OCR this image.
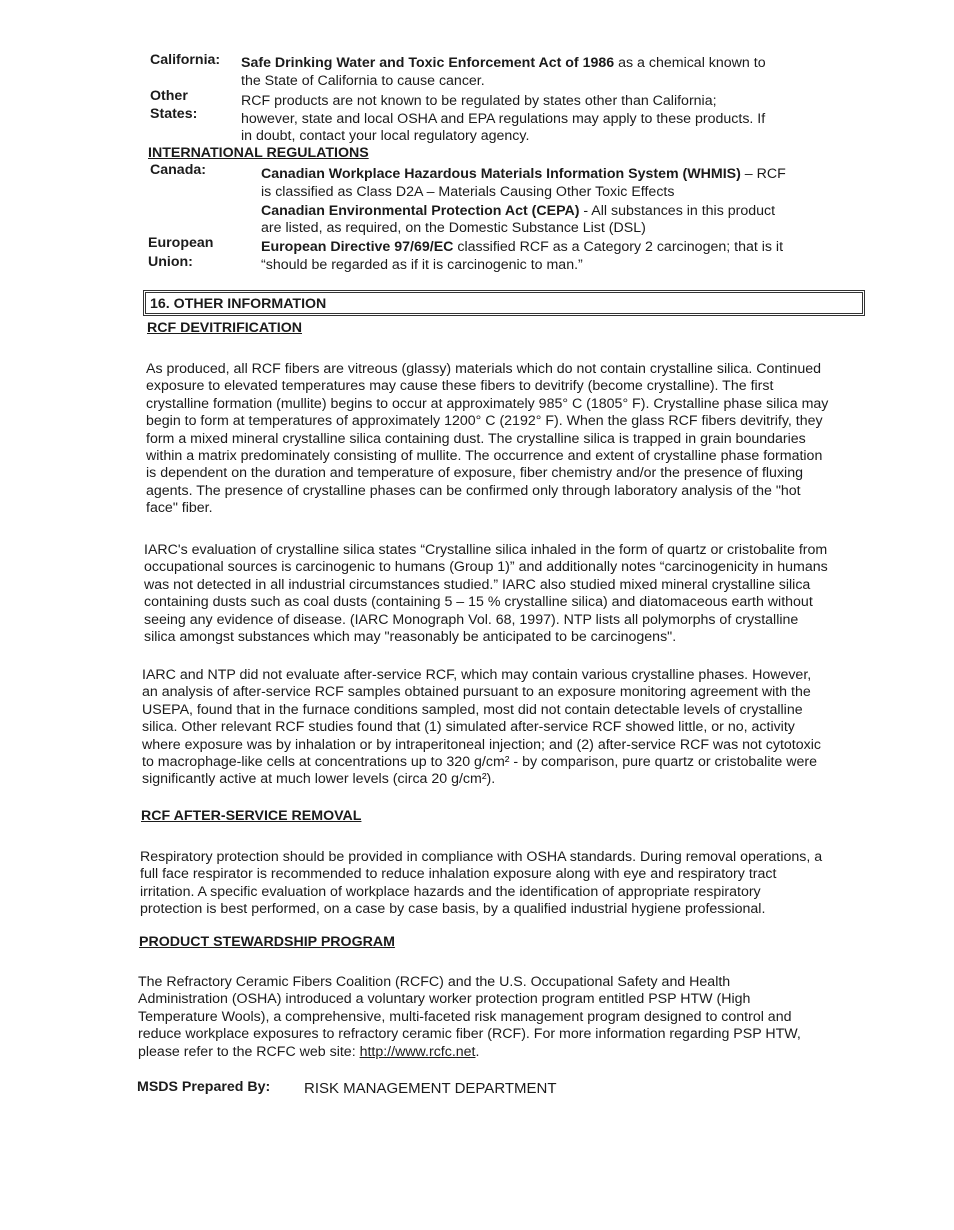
California: Safe Drinking Water and Toxic Enforcement Act of 1986 as a chemical known to
the State of California to cause cancer.
Other
States:
RCF products are not known to be regulated by states other than California;
however, state and local OSHA and EPA regulations may apply to these products. If
in doubt, contact your local regulatory agency.
INTERNATIONAL REGULATIONS
Canada:	Canadian Workplace Hazardous Materials Information System (WHMIS) – RCF
is classified as Class D2A – Materials Causing Other Toxic Effects
Canadian Environmental Protection Act (CEPA) - All substances in this product
are listed, as required, on the Domestic Substance List (DSL)
European
Union:
European Directive 97/69/EC classified RCF as a Category 2 carcinogen; that is it
“should be regarded as if it is carcinogenic to man.”
16. OTHER INFORMATION
RCF DEVITRIFICATION

As produced, all RCF fibers are vitreous (glassy) materials which do not contain crystalline silica. Continued

exposure to elevated temperatures may cause these fibers to devitrify (become crystalline). The first

crystalline formation (mullite) begins to occur at approximately 985° C (1805° F). Crystalline phase silica may

begin to form at temperatures of approximately 1200° C (2192° F). When the glass RCF fibers devitrify, they

form a mixed mineral crystalline silica containing dust. The crystalline silica is trapped in grain boundaries

within a matrix predominately consisting of mullite. The occurrence and extent of crystalline phase formation

is dependent on the duration and temperature of exposure, fiber chemistry and/or the presence of fluxing

agents. The presence of crystalline phases can be confirmed only through laboratory analysis of the "hot

face" fiber.

IARC's evaluation of crystalline silica states “Crystalline silica inhaled in the form of quartz or cristobalite from

occupational sources is carcinogenic to humans (Group 1)” and additionally notes “carcinogenicity in humans

was not detected in all industrial circumstances studied.” IARC also studied mixed mineral crystalline silica

containing dusts such as coal dusts (containing 5 – 15 % crystalline silica) and diatomaceous earth without

seeing any evidence of disease. (IARC Monograph Vol. 68, 1997). NTP lists all polymorphs of crystalline

silica amongst substances which may "reasonably be anticipated to be carcinogens".

IARC and NTP did not evaluate after-service RCF, which may contain various crystalline phases. However,

an analysis of after-service RCF samples obtained pursuant to an exposure monitoring agreement with the

USEPA, found that in the furnace conditions sampled, most did not contain detectable levels of crystalline

silica. Other relevant RCF studies found that (1) simulated after-service RCF showed little, or no, activity

where exposure was by inhalation or by intraperitoneal injection; and (2) after-service RCF was not cytotoxic

to macrophage-like cells at concentrations up to 320 g/cm² - by comparison, pure quartz or cristobalite were

significantly active at much lower levels (circa 20 g/cm²).

RCF AFTER-SERVICE REMOVAL

Respiratory protection should be provided in compliance with OSHA standards. During removal operations, a

full face respirator is recommended to reduce inhalation exposure along with eye and respiratory tract

irritation. A specific evaluation of workplace hazards and the identification of appropriate respiratory

protection is best performed, on a case by case basis, by a qualified industrial hygiene professional.

PRODUCT STEWARDSHIP PROGRAM

The Refractory Ceramic Fibers Coalition (RCFC) and the U.S. Occupational Safety and Health

Administration (OSHA) introduced a voluntary worker protection program entitled PSP HTW (High

Temperature Wools), a comprehensive, multi-faceted risk management program designed to control and

reduce workplace exposures to refractory ceramic fiber (RCF). For more information regarding PSP HTW,

please refer to the RCFC web site: http://www.rcfc.net.

MSDS Prepared By: RISK MANAGEMENT DEPARTMENT
